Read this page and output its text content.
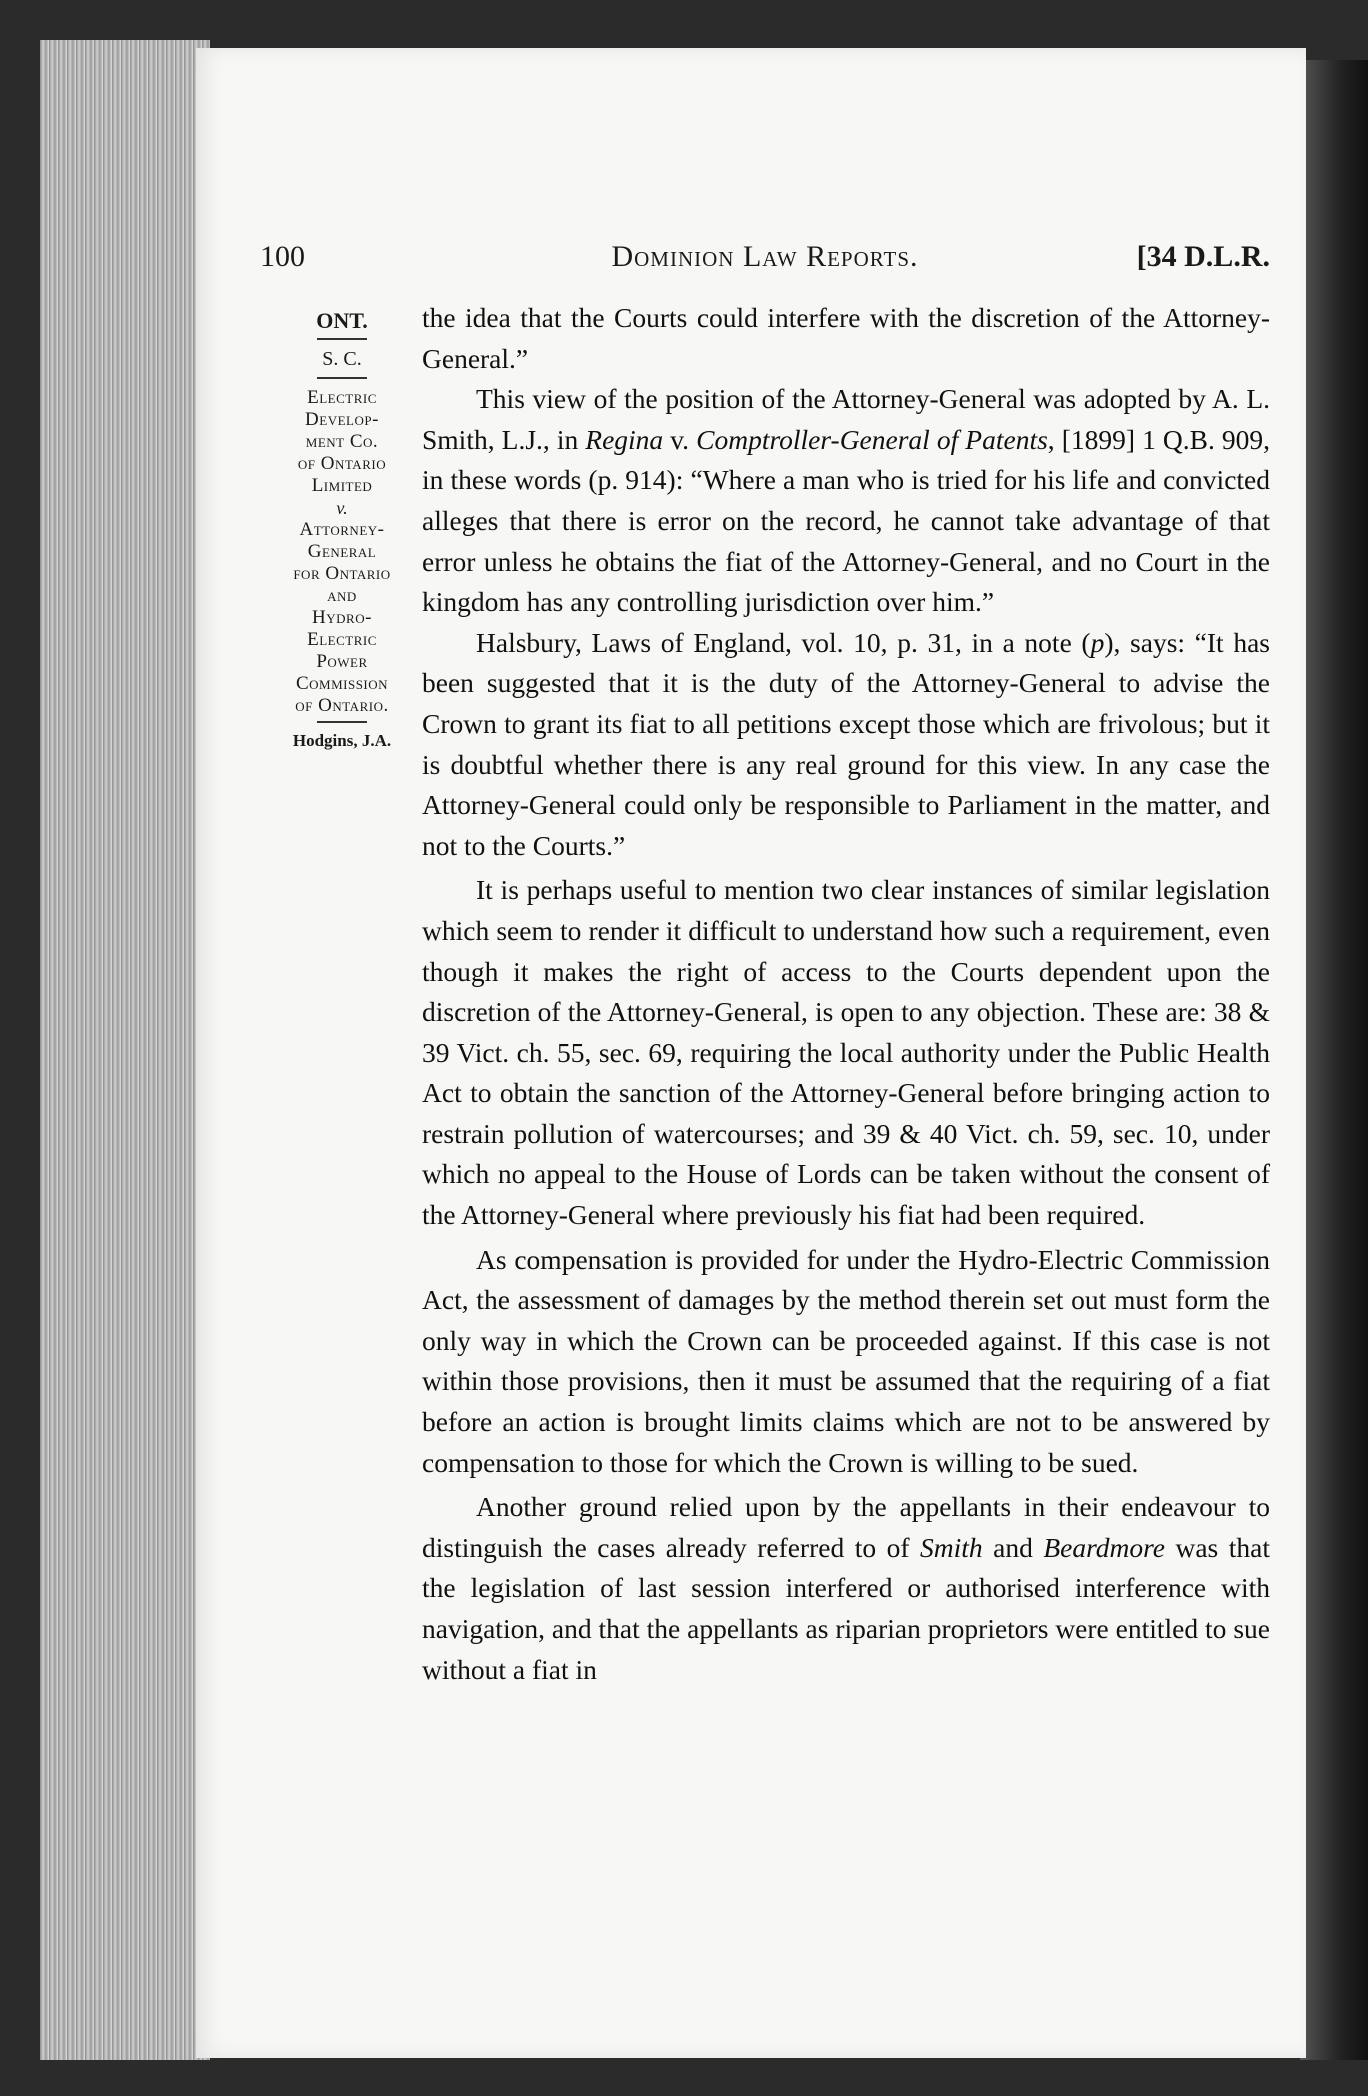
100	Dominion Law Reports.	[34 D.L.R.
ONT.
S. C.
Electric
Develop-
ment Co.
of Ontario
Limited
v.
Attorney-
General
for Ontario
and
Hydro-
Electric
Power
Commission
of Ontario.
Hodgins, J.A.

the idea that the Courts could interfere with the discretion of the Attorney-General.”

This view of the position of the Attorney-General was adopted by A. L. Smith, L.J., in Regina v. Comptroller-General of Patents, [1899] 1 Q.B. 909, in these words (p. 914): “Where a man who is tried for his life and convicted alleges that there is error on the record, he cannot take advantage of that error unless he obtains the fiat of the Attorney-General, and no Court in the kingdom has any controlling jurisdiction over him.”

Halsbury, Laws of England, vol. 10, p. 31, in a note (p), says: “It has been suggested that it is the duty of the Attorney-General to advise the Crown to grant its fiat to all petitions except those which are frivolous; but it is doubtful whether there is any real ground for this view. In any case the Attorney-General could only be responsible to Parliament in the matter, and not to the Courts.”

It is perhaps useful to mention two clear instances of similar legislation which seem to render it difficult to understand how such a requirement, even though it makes the right of access to the Courts dependent upon the discretion of the Attorney-General, is open to any objection. These are: 38 & 39 Vict. ch. 55, sec. 69, requiring the local authority under the Public Health Act to obtain the sanction of the Attorney-General before bringing action to restrain pollution of watercourses; and 39 & 40 Vict. ch. 59, sec. 10, under which no appeal to the House of Lords can be taken without the consent of the Attorney-General where previously his fiat had been required.

As compensation is provided for under the Hydro-Electric Commission Act, the assessment of damages by the method therein set out must form the only way in which the Crown can be proceeded against. If this case is not within those provisions, then it must be assumed that the requiring of a fiat before an action is brought limits claims which are not to be answered by compensation to those for which the Crown is willing to be sued.

Another ground relied upon by the appellants in their endeavour to distinguish the cases already referred to of Smith and Beardmore was that the legislation of last session interfered or authorised interference with navigation, and that the appellants as riparian proprietors were entitled to sue without a fiat in
